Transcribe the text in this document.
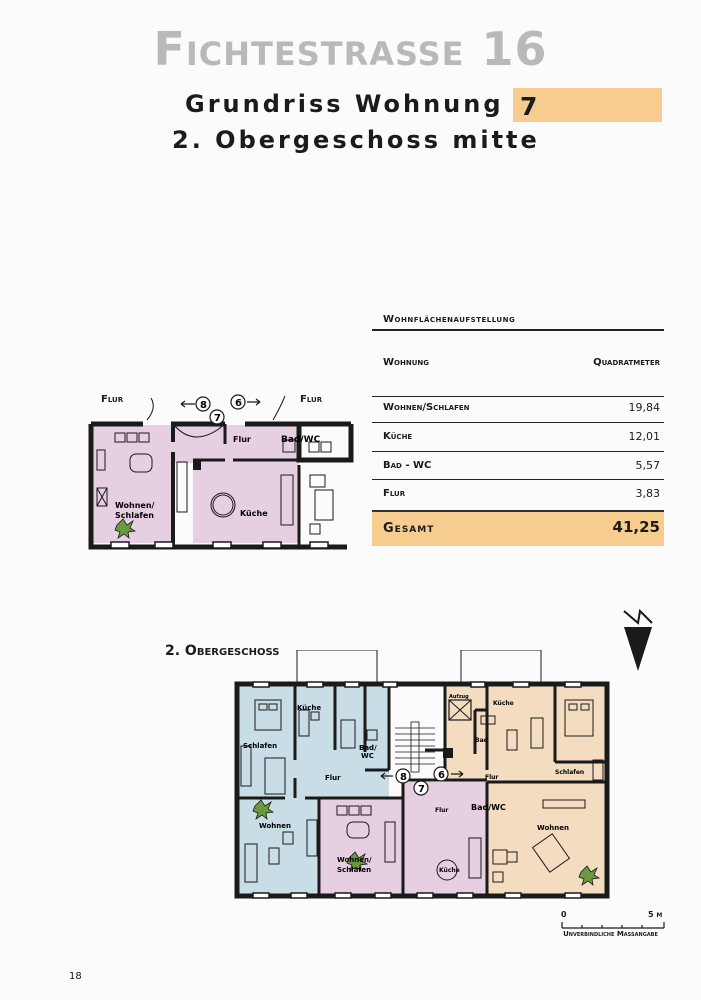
Fichtestrasse 16
Grundriss Wohnung 7
2. Obergeschoss mitte
Wohnflächenaufstellung
Wohnung	Quadratmeter
Wohnen/Schlafen	19,84
Küche	12,01
Bad - WC	5,57
Flur	3,83
Gesamt	41,25
8
7
6
Flur	Bad/WC
Wohnen/
Schlafen	Küche
Flur	Flur
2. Obergeschoss
8
7
6
Küche
Schlafen	Bad/
WC
Flur
Wohnen
Aufzug
Küche
Bad
Flur
Schlafen
Flur	Bad/WC
Wohnen
Wohnen/
Schlafen	Küche
0	5 m
Unverbindliche Massangabe
18
